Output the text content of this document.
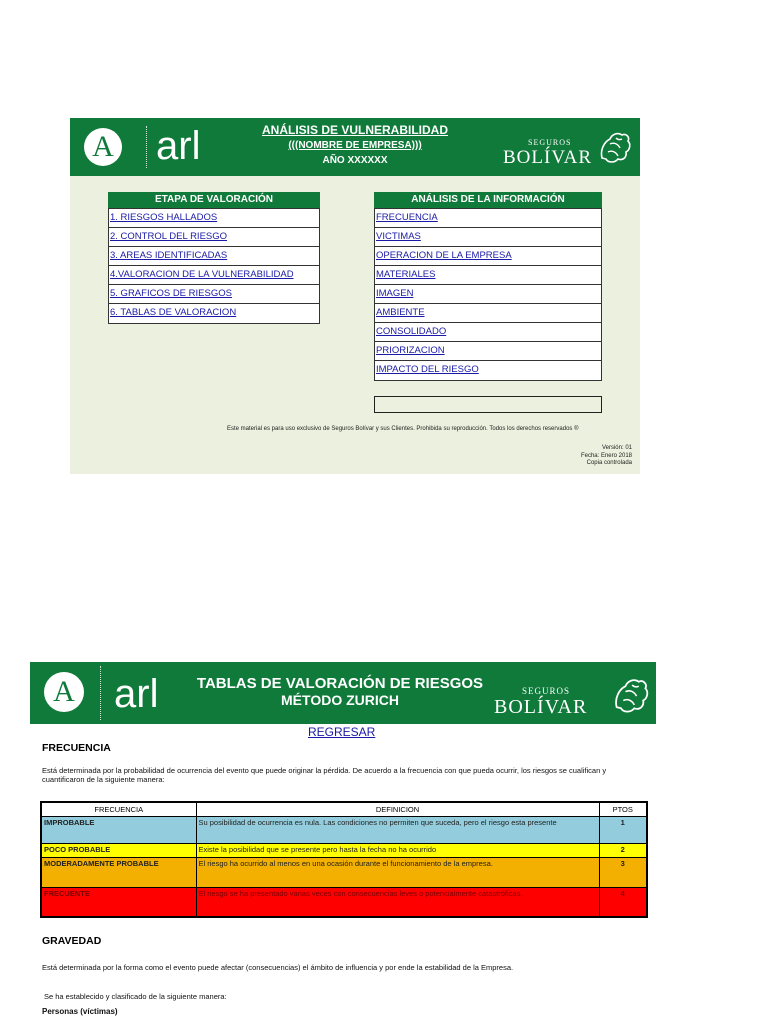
A arl	ANÁLISIS DE VULNERABILIDAD
(((NOMBRE DE EMPRESA)))
AÑO XXXXXX
SEGUROS
BOLÍVAR
ETAPA DE VALORACIÓN
1. RIESGOS HALLADOS
2. CONTROL DEL RIESGO
3. AREAS IDENTIFICADAS
4.VALORACION DE LA VULNERABILIDAD
5. GRAFICOS DE RIESGOS
6. TABLAS DE VALORACION
ANÁLISIS DE LA INFORMACIÓN
FRECUENCIA
VICTIMAS
OPERACION DE LA EMPRESA
MATERIALES
IMAGEN
AMBIENTE
CONSOLIDADO
PRIORIZACION
IMPACTO DEL RIESGO
Este material es para uso exclusivo de Seguros Bolívar y sus Clientes. Prohibida su reproducción. Todos los derechos reservados ®
Versión: 01
Fecha: Enero 2018
Copia controlada
A arl	TABLAS DE VALORACIÓN DE RIESGOS
MÉTODO ZURICH
SEGUROS
BOLÍVAR
REGRESAR
FRECUENCIA
Está determinada por la probabilidad de ocurrencia del evento que puede originar la pérdida. De acuerdo a la frecuencia con que pueda ocurrir, los riesgos se cualifican y cuantificaron de la siguiente manera:
FRECUENCIA	DEFINICION	PTOS
IMPROBABLE	Su posibilidad de ocurrencia es nula. Las condiciones no permiten que suceda, pero el riesgo esta presente	1
POCO PROBABLE	Existe la posibilidad que se presente pero hasta la fecha no ha ocurrido	2
MODERADAMENTE PROBABLE	El riesgo ha ocurrido al menos en una ocasión durante el funcionamiento de la empresa.	3
FRECUENTE	El riesgo se ha presentado varias veces con consecuencias leves o potencialmente catastróficas.	4
GRAVEDAD
Está determinada por la forma como el evento puede afectar (consecuencias) el ámbito de influencia y por ende la estabilidad de la Empresa.
Se ha establecido y clasificado de la siguiente manera:
Personas (víctimas)
